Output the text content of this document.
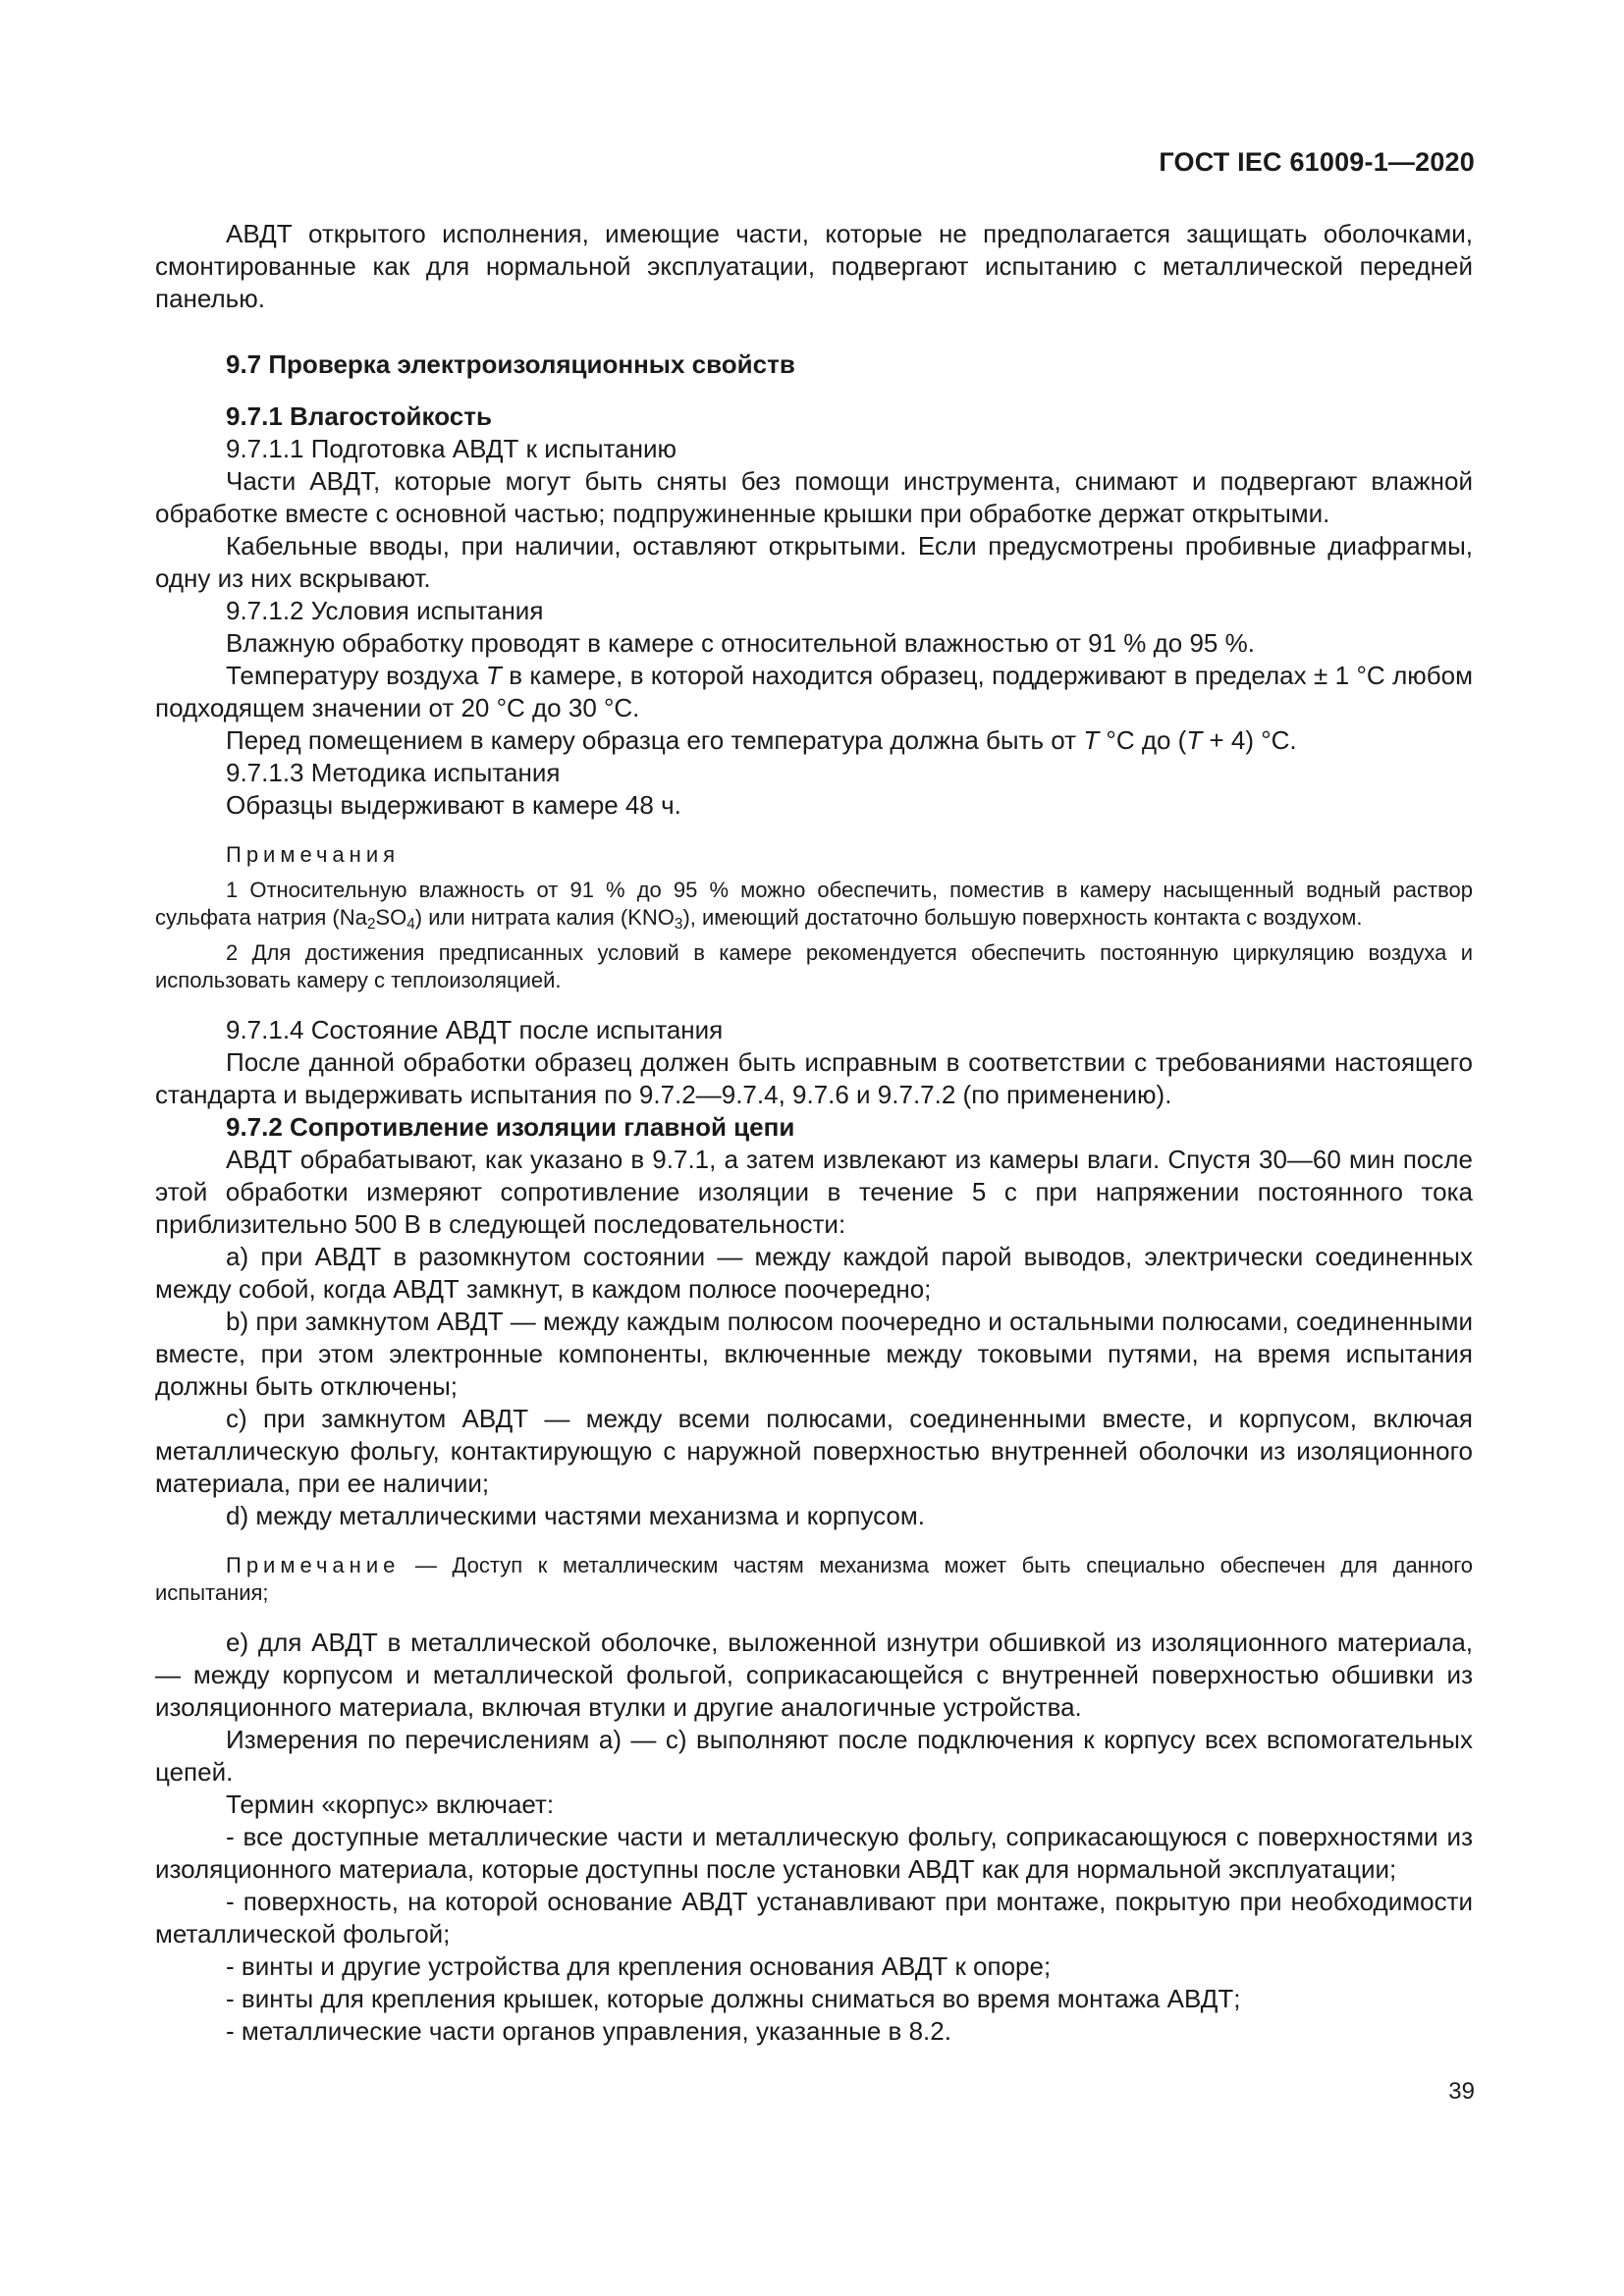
ГОСТ IEC 61009-1—2020

АВДТ открытого исполнения, имеющие части, которые не предполагается защищать оболочками, смонтированные как для нормальной эксплуатации, подвергают испытанию с металлической передней панелью.

9.7 Проверка электроизоляционных свойств

9.7.1 Влагостойкость

9.7.1.1 Подготовка АВДТ к испытанию

Части АВДТ, которые могут быть сняты без помощи инструмента, снимают и подвергают влажной обработке вместе с основной частью; подпружиненные крышки при обработке держат открытыми.

Кабельные вводы, при наличии, оставляют открытыми. Если предусмотрены пробивные диафрагмы, одну из них вскрывают.

9.7.1.2 Условия испытания

Влажную обработку проводят в камере с относительной влажностью от 91 % до 95 %.

Температуру воздуха T в камере, в которой находится образец, поддерживают в пределах ± 1 °С любом подходящем значении от 20 °С до 30 °С.

Перед помещением в камеру образца его температура должна быть от T °С до (T + 4) °С.

9.7.1.3 Методика испытания

Образцы выдерживают в камере 48 ч.

Примечания

1 Относительную влажность от 91 % до 95 % можно обеспечить, поместив в камеру насыщенный водный раствор сульфата натрия $(Na_2SO_4)$ или нитрата калия $(KNO_3)$, имеющий достаточно большую поверхность контакта с воздухом.

2 Для достижения предписанных условий в камере рекомендуется обеспечить постоянную циркуляцию воздуха и использовать камеру с теплоизоляцией.

9.7.1.4 Состояние АВДТ после испытания

После данной обработки образец должен быть исправным в соответствии с требованиями настоящего стандарта и выдерживать испытания по 9.7.2—9.7.4, 9.7.6 и 9.7.7.2 (по применению).

9.7.2 Сопротивление изоляции главной цепи

АВДТ обрабатывают, как указано в 9.7.1, а затем извлекают из камеры влаги. Спустя 30—60 мин после этой обработки измеряют сопротивление изоляции в течение 5 с при напряжении постоянного тока приблизительно 500 В в следующей последовательности:

a) при АВДТ в разомкнутом состоянии — между каждой парой выводов, электрически соединенных между собой, когда АВДТ замкнут, в каждом полюсе поочередно;

b) при замкнутом АВДТ — между каждым полюсом поочередно и остальными полюсами, соединенными вместе, при этом электронные компоненты, включенные между токовыми путями, на время испытания должны быть отключены;

c) при замкнутом АВДТ — между всеми полюсами, соединенными вместе, и корпусом, включая металлическую фольгу, контактирующую с наружной поверхностью внутренней оболочки из изоляционного материала, при ее наличии;

d) между металлическими частями механизма и корпусом.

Примечание — Доступ к металлическим частям механизма может быть специально обеспечен для данного испытания;

e) для АВДТ в металлической оболочке, выложенной изнутри обшивкой из изоляционного материала, — между корпусом и металлической фольгой, соприкасающейся с внутренней поверхностью обшивки из изоляционного материала, включая втулки и другие аналогичные устройства.

Измерения по перечислениям a) — c) выполняют после подключения к корпусу всех вспомогательных цепей.

Термин «корпус» включает:

- все доступные металлические части и металлическую фольгу, соприкасающуюся с поверхностями из изоляционного материала, которые доступны после установки АВДТ как для нормальной эксплуатации;

- поверхность, на которой основание АВДТ устанавливают при монтаже, покрытую при необходимости металлической фольгой;

- винты и другие устройства для крепления основания АВДТ к опоре;

- винты для крепления крышек, которые должны сниматься во время монтажа АВДТ;

- металлические части органов управления, указанные в 8.2.

39
